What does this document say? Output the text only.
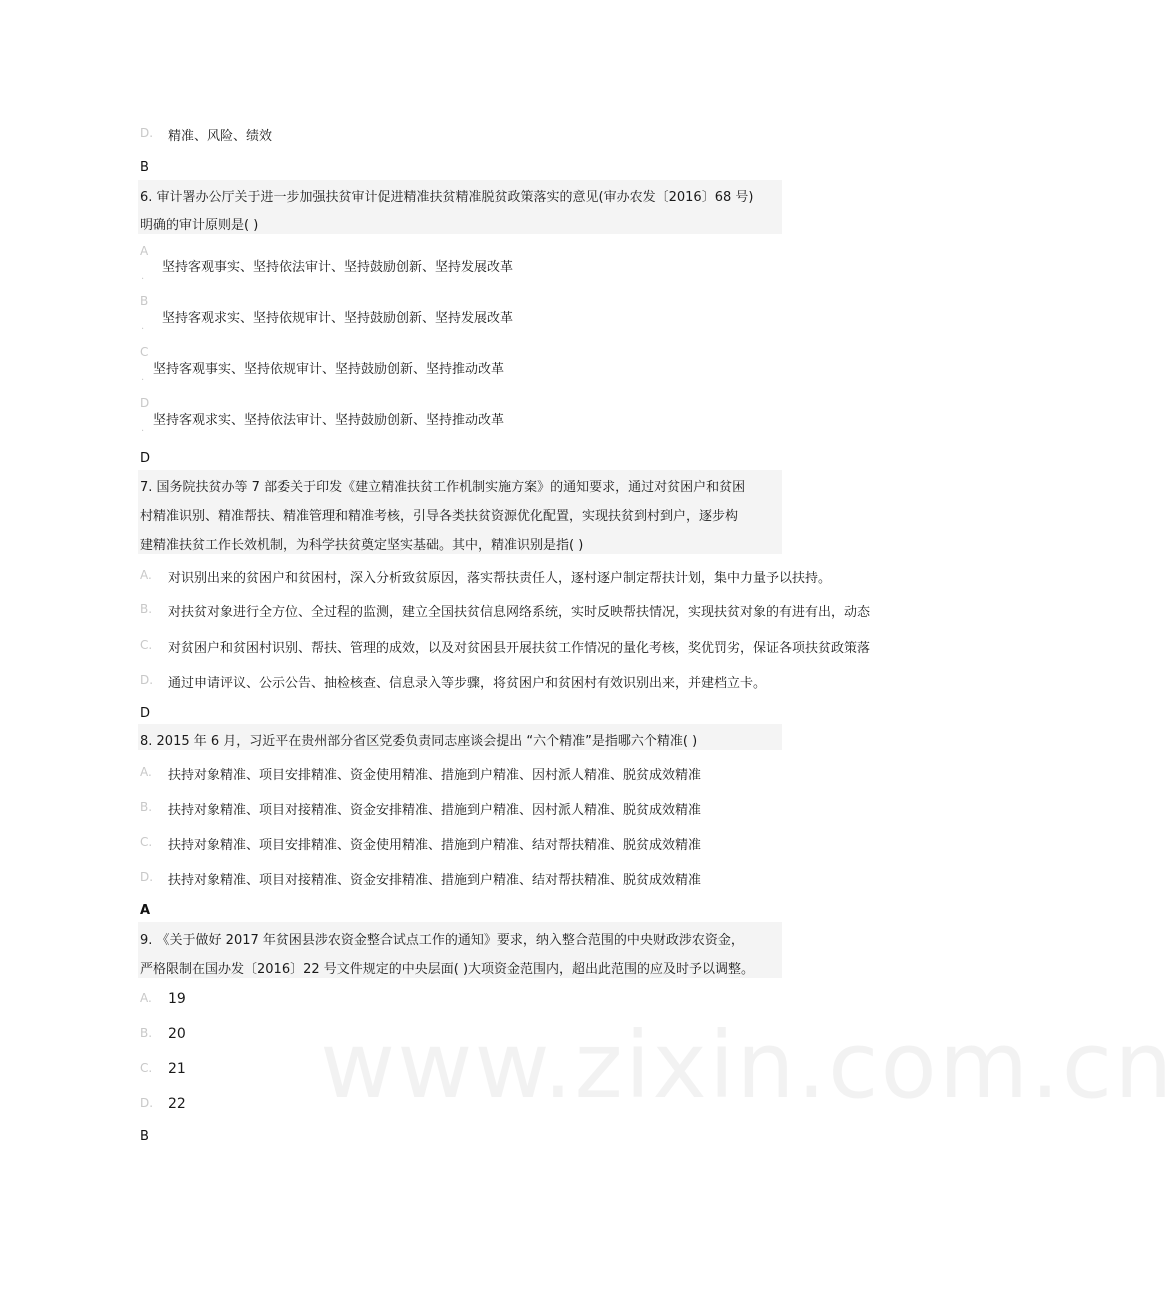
www.zixin.com.cn
D. 精准、风险、绩效
B
6. 审计署办公厅关于进一步加强扶贫审计促进精准扶贫精准脱贫政策落实的意见(审办农发〔2016〕68 号)
明确的审计原则是( )
A
.
坚持客观事实、坚持依法审计、坚持鼓励创新、坚持发展改革
B
.
坚持客观求实、坚持依规审计、坚持鼓励创新、坚持发展改革
C
.
坚持客观事实、坚持依规审计、坚持鼓励创新、坚持推动改革
D
.
坚持客观求实、坚持依法审计、坚持鼓励创新、坚持推动改革
D
7. 国务院扶贫办等 7 部委关于印发《建立精准扶贫工作机制实施方案》的通知要求，通过对贫困户和贫困
村精准识别、精准帮扶、精准管理和精准考核，引导各类扶贫资源优化配置，实现扶贫到村到户，逐步构
建精准扶贫工作长效机制，为科学扶贫奠定坚实基础。其中，精准识别是指( )
A. 对识别出来的贫困户和贫困村，深入分析致贫原因，落实帮扶责任人，逐村逐户制定帮扶计划，集中力量予以扶持。
对扶贫对象进行全方位、全过程的监测，建立全国扶贫信息网络系统，实时反映帮扶情况，实现扶贫对象的有进有出，动态
B.
对贫困户和贫困村识别、帮扶、管理的成效，以及对贫困县开展扶贫工作情况的量化考核，奖优罚劣，保证各项扶贫政策落
C.
D. 通过申请评议、公示公告、抽检核查、信息录入等步骤，将贫困户和贫困村有效识别出来，并建档立卡。
D
8. 2015 年 6 月，习近平在贵州部分省区党委负责同志座谈会提出 “六个精准”是指哪六个精准( )
A. 扶持对象精准、项目安排精准、资金使用精准、措施到户精准、因村派人精准、脱贫成效精准
B. 扶持对象精准、项目对接精准、资金安排精准、措施到户精准、因村派人精准、脱贫成效精准
C. 扶持对象精准、项目安排精准、资金使用精准、措施到户精准、结对帮扶精准、脱贫成效精准
D. 扶持对象精准、项目对接精准、资金安排精准、措施到户精准、结对帮扶精准、脱贫成效精准
A
9. 《关于做好 2017 年贫困县涉农资金整合试点工作的通知》要求，纳入整合范围的中央财政涉农资金，
严格限制在国办发〔2016〕22 号文件规定的中央层面( )大项资金范围内，超出此范围的应及时予以调整。
A. 19
B. 20
C. 21
D. 22
B
